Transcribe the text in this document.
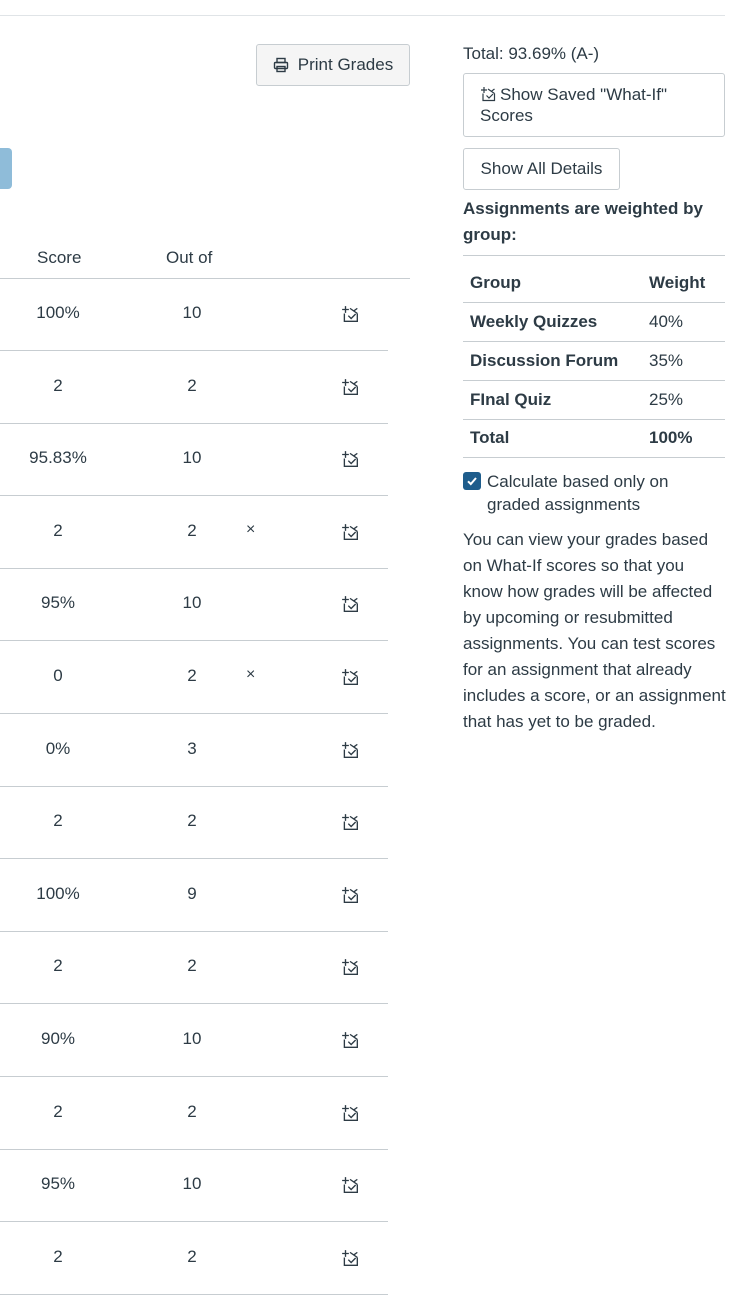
Print Grades
Score	Out of
100%	10
2	2
95.83%	10
2	2	×
95%	10
0	2	×
0%	3
2	2
100%	9
2	2
90%	10
2	2
95%	10
2	2
Total: 93.69% (A-)
Show Saved "What-If" Scores
Show All Details
Assignments are weighted by group:
Group	Weight
Weekly Quizzes	40%
Discussion Forum 35%
FInal Quiz	25%
Total	100%
Calculate based only on graded assignments
You can view your grades based on What-If scores so that you know how grades will be affected by upcoming or resubmitted assignments. You can test scores for an assignment that already includes a score, or an assignment that has yet to be graded.
